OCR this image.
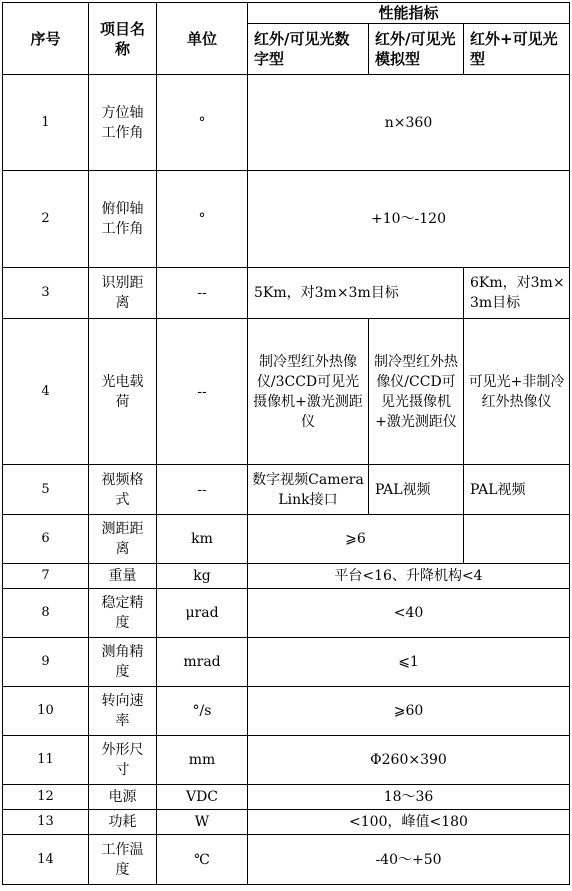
序号	项目名称	单位	性能指标		
			红外/可见光数字型	红外/可见光模拟型	红外+可见光型
1	方位轴工作角	°	n×360		
2	俯仰轴工作角	°	+10～-120		
3	识别距离	--	5Km，对3m×3m目标		6Km，对3m×3m目标
4	光电载荷	--	制冷型红外热像仪/3CCD可见光摄像机+激光测距仪	制冷型红外热像仪/CCD可见光摄像机+激光测距仪	可见光+非制冷红外热像仪
5	视频格式	--	数字视频CameraLink接口	PAL视频	PAL视频
6	测距距离	km	⩾6		
7	重量	kg	平台<16、升降机构<4		
8	稳定精度	μrad	<40		
9	测角精度	mrad	⩽1		
10	转向速率	°/s	⩾60		
11	外形尺寸	mm	Φ260×390		
12	电源	VDC	18～36		
13	功耗	W	<100，峰值<180		
14	工作温度	℃	-40～+50		
